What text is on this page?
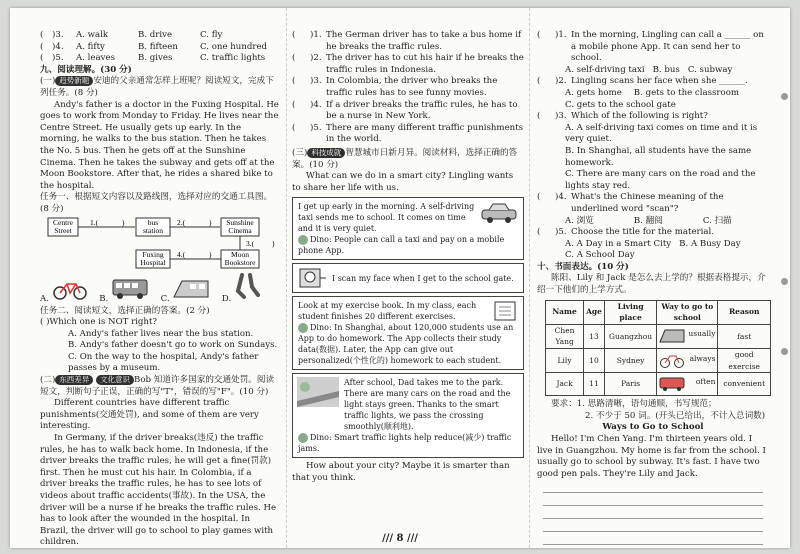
(	)3.	A. walk	B. drive	C. fly
(	)4.	A. fifty	B. fifteen	C. one hundred
(	)5.	A. leaves	B. gives	C. traffic lights

九、阅读理解。(30 分)

(一) 趋势新题 安迪的父亲通常怎样上班呢？阅读短文，完成下列任务。(8 分)

Andy's father is a doctor in the Fuxing Hospital. He goes to work from Monday to Friday. He lives near the Centre Street. He usually gets up early. In the morning, he walks to the bus station. Then he takes the No. 5 bus. Then he gets off at the Sunshine Cinema. Then he takes the subway and gets off at the Moon Bookstore. After that, he rides a shared bike to the hospital.

任务一、根据短文内容以及路线图，选择对应的交通工具图。(8 分)

Centre
Street
1.(	)	bus
station
2.(	) Sunshine
Cinema
3.( )
Moon
Bookstore
4.(	)
Fuxing
Hospital
A.	B.	C.	D.

任务二、阅读短文，选择正确的答案。(2 分)

( )Which one is NOT right?

A. Andy's father lives near the bus station.

B. Andy's father doesn't go to work on Sundays.

C. On the way to the hospital, Andy's father passes by a museum.

(二) 东西差异 文化意识 Bob 知道许多国家的交通处罚。阅读短文，判断句子正误，正确的写"T"，错误的写"F"。(10 分)

Different countries have different traffic punishments(交通处罚), and some of them are very interesting.

In Germany, if the driver breaks(违反) the traffic rules, he has to walk back home. In Indonesia, if the driver breaks the traffic rules, he will get a fine(罚款) first. Then he must cut his hair. In Colombia, if a driver breaks the traffic rules, he has to see lots of videos about traffic accidents(事故). In the USA, the driver will be a nurse if he breaks the traffic rules. He has to look after the wounded in the hospital. In Brazil, the driver will go to school to play games with children.

(	)1. The German driver has to take a bus home if he breaks the traffic rules.
(	)2. The driver has to cut his hair if he breaks the traffic rules in Indonesia.
(	)3. In Colombia, the driver who breaks the traffic rules has to see funny movies.
(	)4. If a driver breaks the traffic rules, he has to be a nurse in New York.
(	)5. There are many different traffic punishments in the world.

(三) 科技成就 智慧城市日新月异。阅读材料，选择正确的答案。(10 分)

What can we do in a smart city? Lingling wants to share her life with us.

I get up early in the morning. A self-driving taxi sends me to school. It comes on time and it is very quiet.

Dino: People can call a taxi and pay on a mobile phone App.

I scan my face when I get to the school gate.

Look at my exercise book. In my class, each student finishes 20 different exercises.

Dino: In Shanghai, about 120,000 students use an App to do homework. The App collects their study data(数据). Later, the App can give out personalized(个性化的) homework to each student.

After school, Dad takes me to the park. There are many cars on the road and the light stays green. Thanks to the smart traffic lights, we pass the crossing smoothly(顺利地).

Dino: Smart traffic lights help reduce(减少) traffic jams.

How about your city? Maybe it is smarter than that you think.

(	)1. In the morning, Lingling can call a ______ on a mobile phone App. It can send her to school.
A. self-driving taxi B. bus C. subway
(	)2. Lingling scans her face when she ______.
A. gets home B. gets to the classroom
C. gets to the school gate
(	)3. Which of the following is right?

A. A self-driving taxi comes on time and it is very quiet.

B. In Shanghai, all students have the same homework.

C. There are many cars on the road and the lights stay red.

(	)4. What's the Chinese meaning of the underlined word "scan"?
A. 浏览	B. 翻阅	C. 扫描
(	)5. Choose the title for the material.
A. A Day in a Smart City B. A Busy Day
C. A School Day

十、书面表达。(10 分)

陈阳、Lily 和 Jack 是怎么去上学的？根据表格提示，介绍一下他们的上学方式。

Name	Age	Living place	Way to go to school	Reason
Chen Yang	13	Guangzhou	usually	fast
Lily	10	Sydney	always	good exercise
Jack	11	Paris	often	convenient

要求：1. 思路清晰，语句通顺，书写规范；

2. 不少于 50 词。(开头已给出，不计入总词数)

Ways to Go to School

Hello! I'm Chen Yang. I'm thirteen years old. I live in Guangzhou. My home is far from the school. I usually go to school by subway. It's fast. I have two good pen pals. They're Lily and Jack.

/// 8 ///
